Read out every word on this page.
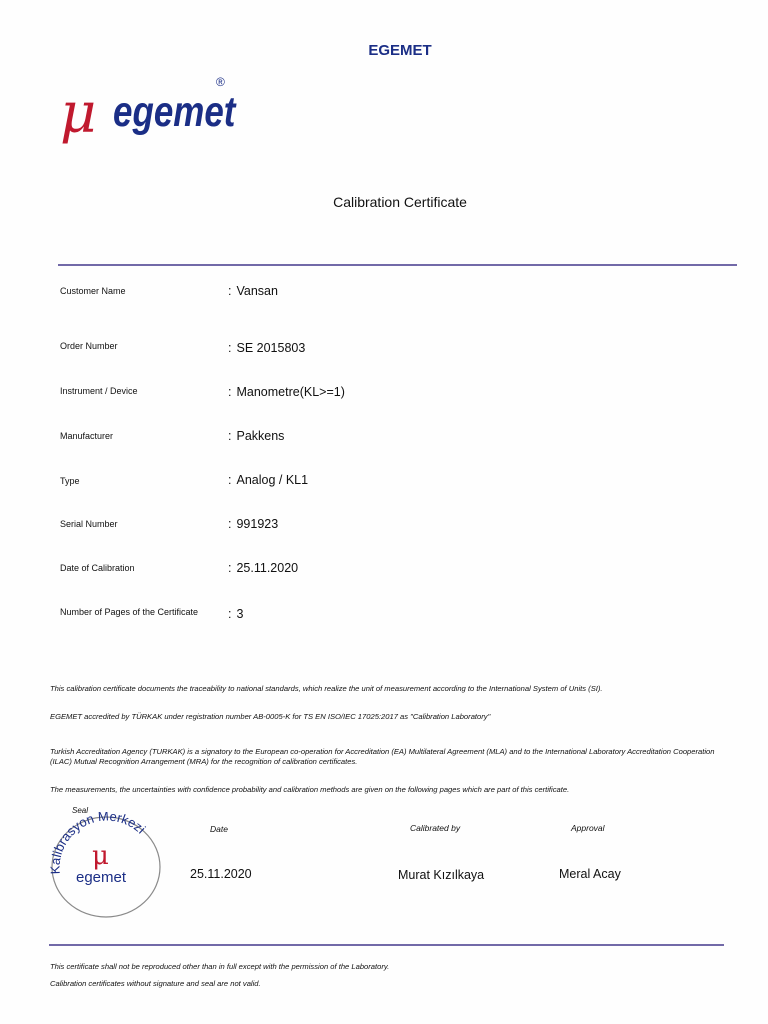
EGEMET
μ egemet
®
Calibration Certificate
Customer Name	: Vansan
Order Number	: SE 2015803
Instrument / Device	: Manometre(KL>=1)
Manufacturer	: Pakkens
Type	: Analog / KL1
Serial Number	: 991923
Date of Calibration	: 25.11.2020
Number of Pages of the Certificate : 3
This calibration certificate documents the traceability to national standards, which realize the unit of measurement according to the International System of Units (SI).
EGEMET accredited by TÜRKAK under registration number AB-0005-K for TS EN ISO/IEC 17025:2017 as "Calibration Laboratory"
Turkish Accreditation Agency (TURKAK) is a signatory to the European co-operation for Accreditation (EA) Multilateral Agreement (MLA) and to the International Laboratory Accreditation Cooperation (ILAC) Mutual Recognition Arrangement (MRA) for the recognition of calibration certificates.
The measurements, the uncertainties with confidence probability and calibration methods are given on the following pages which are part of this certificate.
Seal
Kalibrasyon Merkezi
μ
egemet
Date	Calibrated by	Approval
25.11.2020	Murat Kızılkaya	Meral Acay
This certificate shall not be reproduced other than in full except with the permission of the Laboratory.
Calibration certificates without signature and seal are not valid.
